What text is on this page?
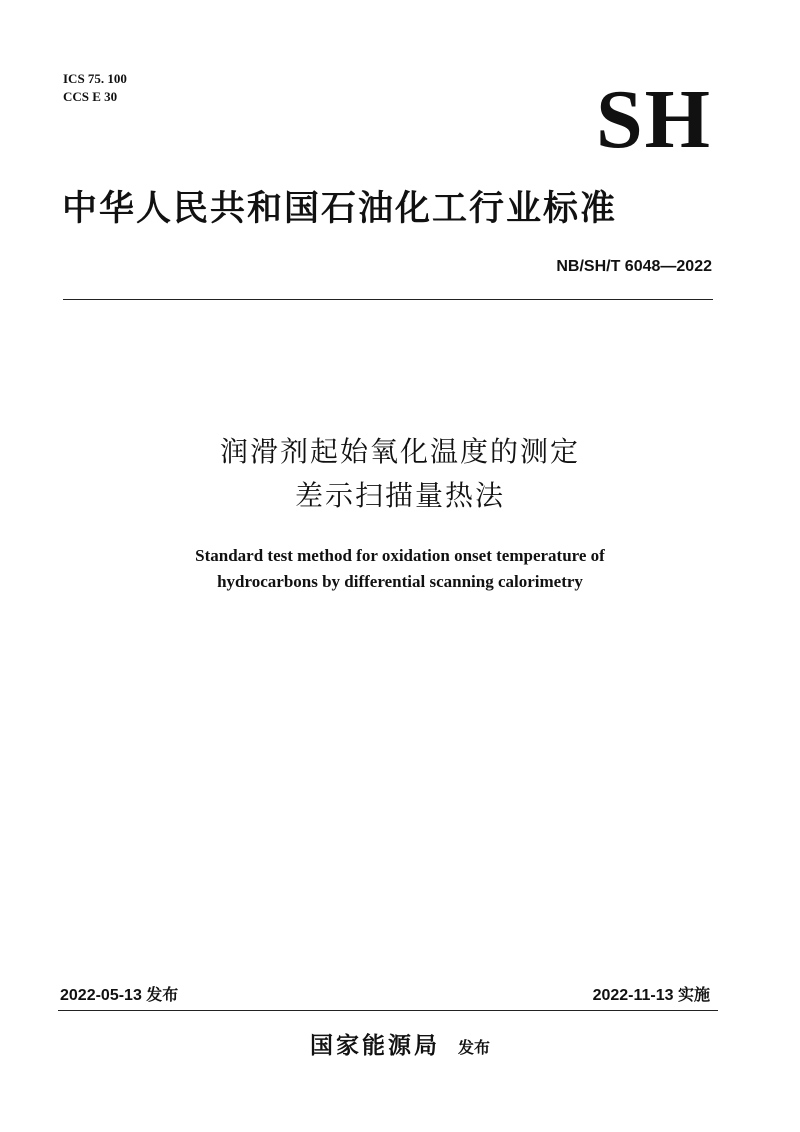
ICS 75. 100
CCS E 30	SH
中华人民共和国石油化工行业标准
NB/SH/T 6048—2022
润滑剂起始氧化温度的测定
差示扫描量热法
Standard test method for oxidation onset temperature of
hydrocarbons by differential scanning calorimetry
2022-05-13 发布	2022-11-13 实施
国家能源局 发布
